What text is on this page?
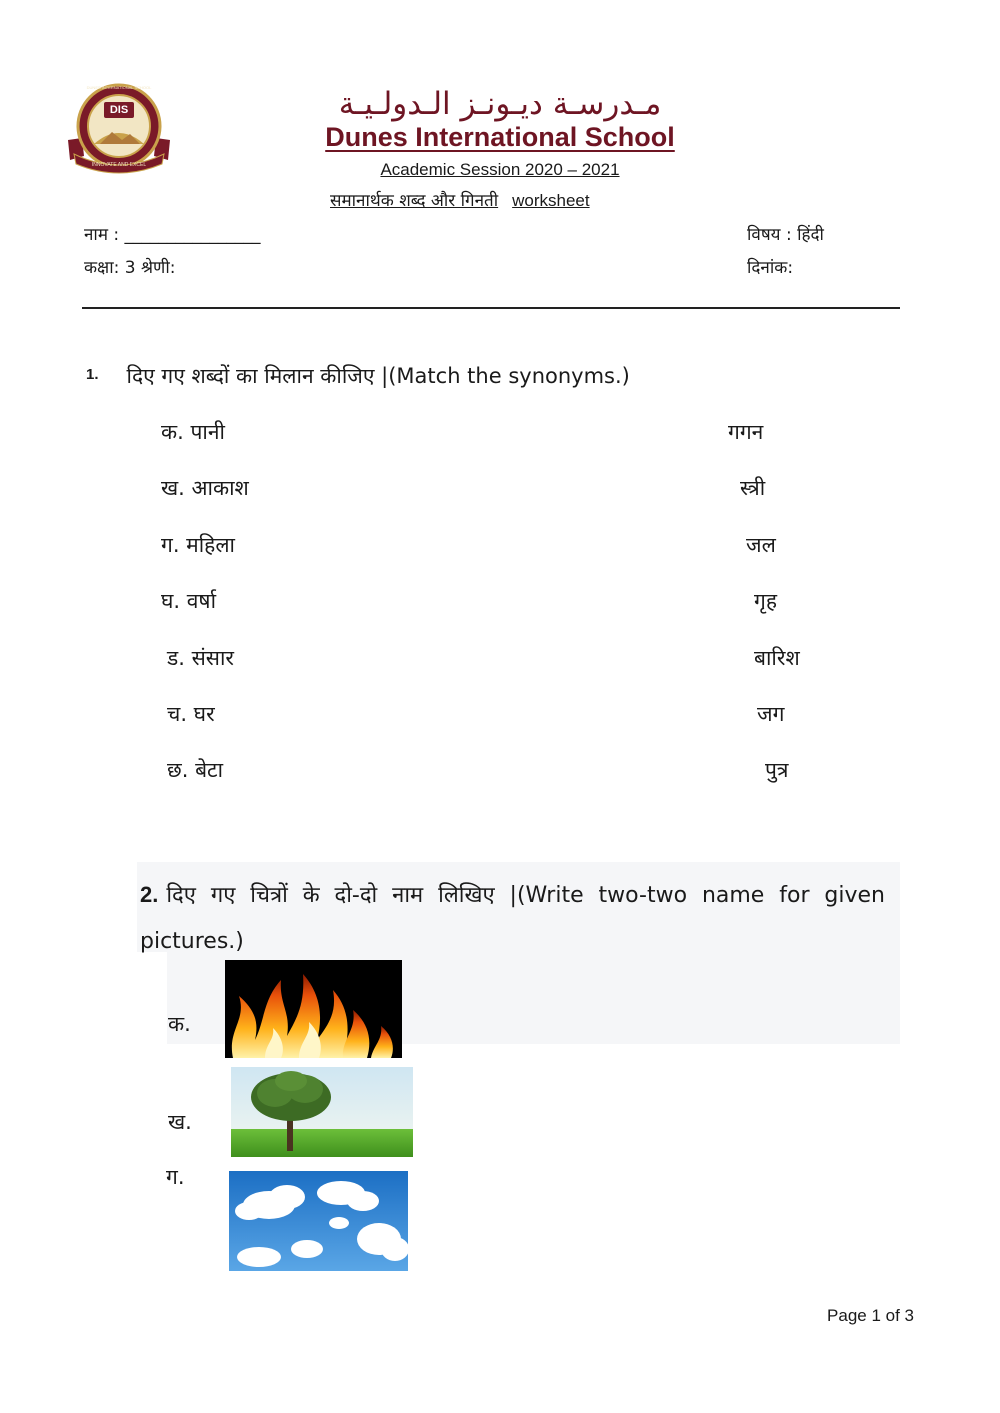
DIS
INNOVATE AND EXCEL
DUNES INTERNATIONAL SCHOOL	مـدرسـة ديـونـز الـدولـيـة
Dunes International School
Academic Session 2020 – 2021
समानार्थक शब्द और गिनती worksheet
नाम : ________________
कक्षा: 3 श्रेणी:
विषय : हिंदी
दिनांक:
1. दिए गए शब्दों का मिलान कीजिए |(Match the synonyms.)
क. पानी
ख. आकाश
ग. महिला
घ. वर्षा
ड. संसार
च. घर
छ. बेटा
गगन
स्त्री
जल
गृह
बारिश
जग
पुत्र
2. दिए गए चित्रों के दो-दो नाम लिखिए |(Write two-two name for given pictures.)
क.
ख.
ग.
Page 1 of 3
